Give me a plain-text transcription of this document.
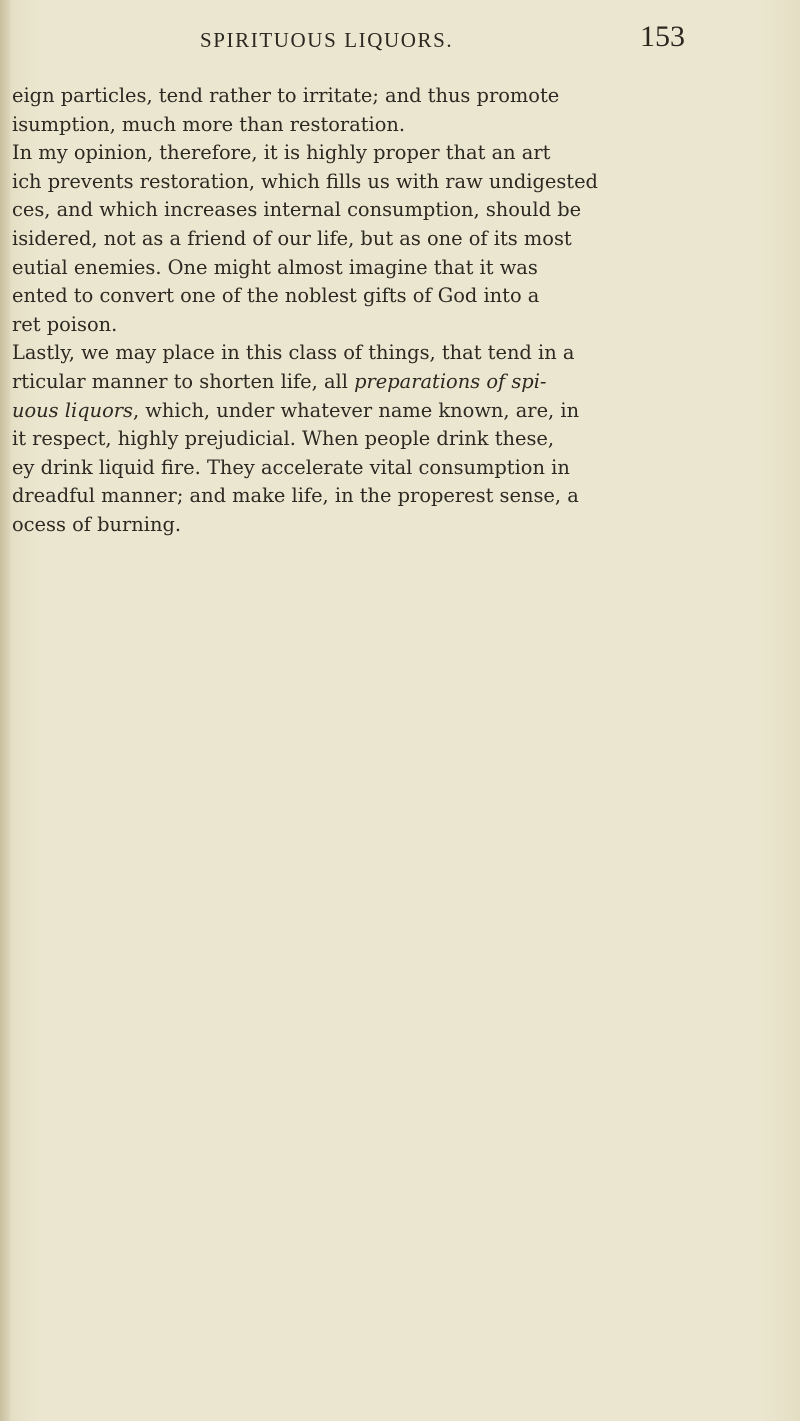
SPIRITUOUS LIQUORS.	153
eign particles, tend rather to irritate; and thus promote
isumption, much more than restoration.
In my opinion, therefore, it is highly proper that an art
ich prevents restoration, which fills us with raw undigested
ces, and which increases internal consumption, should be
isidered, not as a friend of our life, but as one of its most
eutial enemies. One might almost imagine that it was
ented to convert one of the noblest gifts of God into a
ret poison.
Lastly, we may place in this class of things, that tend in a
rticular manner to shorten life, all preparations of spi-
uous liquors, which, under whatever name known, are, in
it respect, highly prejudicial. When people drink these,
ey drink liquid fire. They accelerate vital consumption in
dreadful manner; and make life, in the properest sense, a
ocess of burning.
